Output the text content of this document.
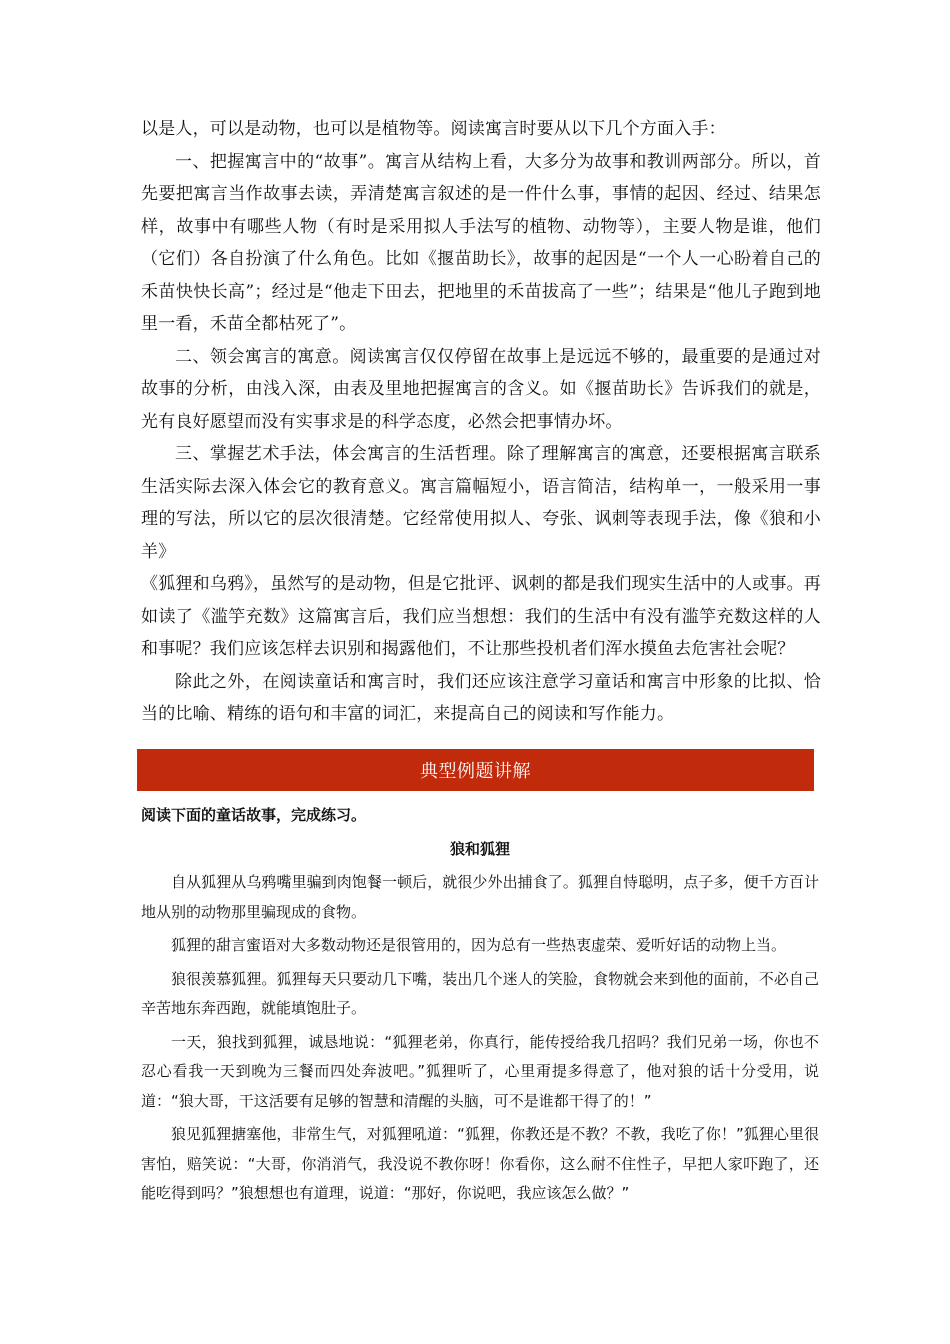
以是人，可以是动物，也可以是植物等。阅读寓言时要从以下几个方面入手：

一、把握寓言中的“故事”。寓言从结构上看，大多分为故事和教训两部分。所以，首先要把寓言当作故事去读，弄清楚寓言叙述的是一件什么事，事情的起因、经过、结果怎样，故事中有哪些人物（有时是采用拟人手法写的植物、动物等），主要人物是谁，他们（它们）各自扮演了什么角色。比如《揠苗助长》，故事的起因是“一个人一心盼着自己的禾苗快快长高”；经过是“他走下田去，把地里的禾苗拔高了一些”；结果是“他儿子跑到地里一看，禾苗全都枯死了”。

二、领会寓言的寓意。阅读寓言仅仅停留在故事上是远远不够的，最重要的是通过对故事的分析，由浅入深，由表及里地把握寓言的含义。如《揠苗助长》告诉我们的就是，光有良好愿望而没有实事求是的科学态度，必然会把事情办坏。

三、掌握艺术手法，体会寓言的生活哲理。除了理解寓言的寓意，还要根据寓言联系生活实际去深入体会它的教育意义。寓言篇幅短小，语言简洁，结构单一，一般采用一事理的写法，所以它的层次很清楚。它经常使用拟人、夸张、讽刺等表现手法，像《狼和小羊》

《狐狸和乌鸦》，虽然写的是动物，但是它批评、讽刺的都是我们现实生活中的人或事。再如读了《滥竽充数》这篇寓言后，我们应当想想：我们的生活中有没有滥竽充数这样的人和事呢？我们应该怎样去识别和揭露他们，不让那些投机者们浑水摸鱼去危害社会呢？

除此之外，在阅读童话和寓言时，我们还应该注意学习童话和寓言中形象的比拟、恰当的比喻、精练的语句和丰富的词汇，来提高自己的阅读和写作能力。

典型例题讲解

阅读下面的童话故事，完成练习。

狼和狐狸

自从狐狸从乌鸦嘴里骗到肉饱餐一顿后，就很少外出捕食了。狐狸自恃聪明，点子多，便千方百计地从别的动物那里骗现成的食物。

狐狸的甜言蜜语对大多数动物还是很管用的，因为总有一些热衷虚荣、爱听好话的动物上当。

狼很羡慕狐狸。狐狸每天只要动几下嘴，装出几个迷人的笑脸，食物就会来到他的面前，不必自己辛苦地东奔西跑，就能填饱肚子。

一天，狼找到狐狸，诚恳地说：“狐狸老弟，你真行，能传授给我几招吗？我们兄弟一场，你也不忍心看我一天到晚为三餐而四处奔波吧。”狐狸听了，心里甭提多得意了，他对狼的话十分受用，说道：“狼大哥，干这活要有足够的智慧和清醒的头脑，可不是谁都干得了的！”

狼见狐狸搪塞他，非常生气，对狐狸吼道：“狐狸，你教还是不教？不教，我吃了你！”狐狸心里很害怕，赔笑说：“大哥，你消消气，我没说不教你呀！你看你，这么耐不住性子，早把人家吓跑了，还能吃得到吗？”狼想想也有道理，说道：“那好，你说吧，我应该怎么做？”
